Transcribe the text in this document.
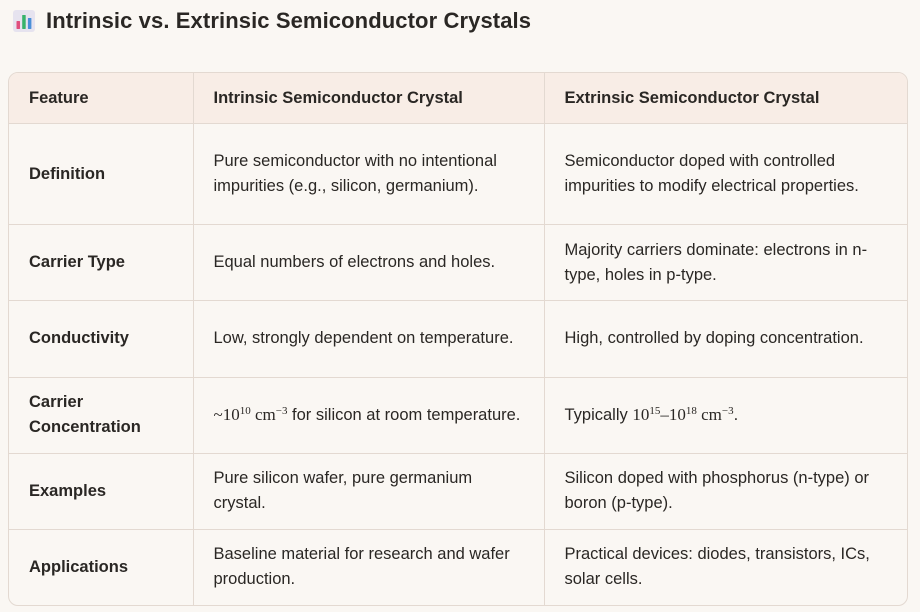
Intrinsic vs. Extrinsic Semiconductor Crystals
Feature	Intrinsic Semiconductor Crystal	Extrinsic Semiconductor Crystal
Definition	Pure semiconductor with no intentional impurities (e.g., silicon, germanium).	Semiconductor doped with controlled impurities to modify electrical properties.
Carrier Type	Equal numbers of electrons and holes.	Majority carriers dominate: electrons in n-type, holes in p-type.
Conductivity	Low, strongly dependent on temperature.	High, controlled by doping concentration.
Carrier Concentration	$\sim 10^{10}$ $cm^{-3}$ for silicon at room temperature.	Typically $10^{15}-10^{18}$ $cm^{-3}$.
Examples	Pure silicon wafer, pure germanium crystal.	Silicon doped with phosphorus (n-type) or boron (p-type).
Applications	Baseline material for research and wafer production.	Practical devices: diodes, transistors, ICs, solar cells.
